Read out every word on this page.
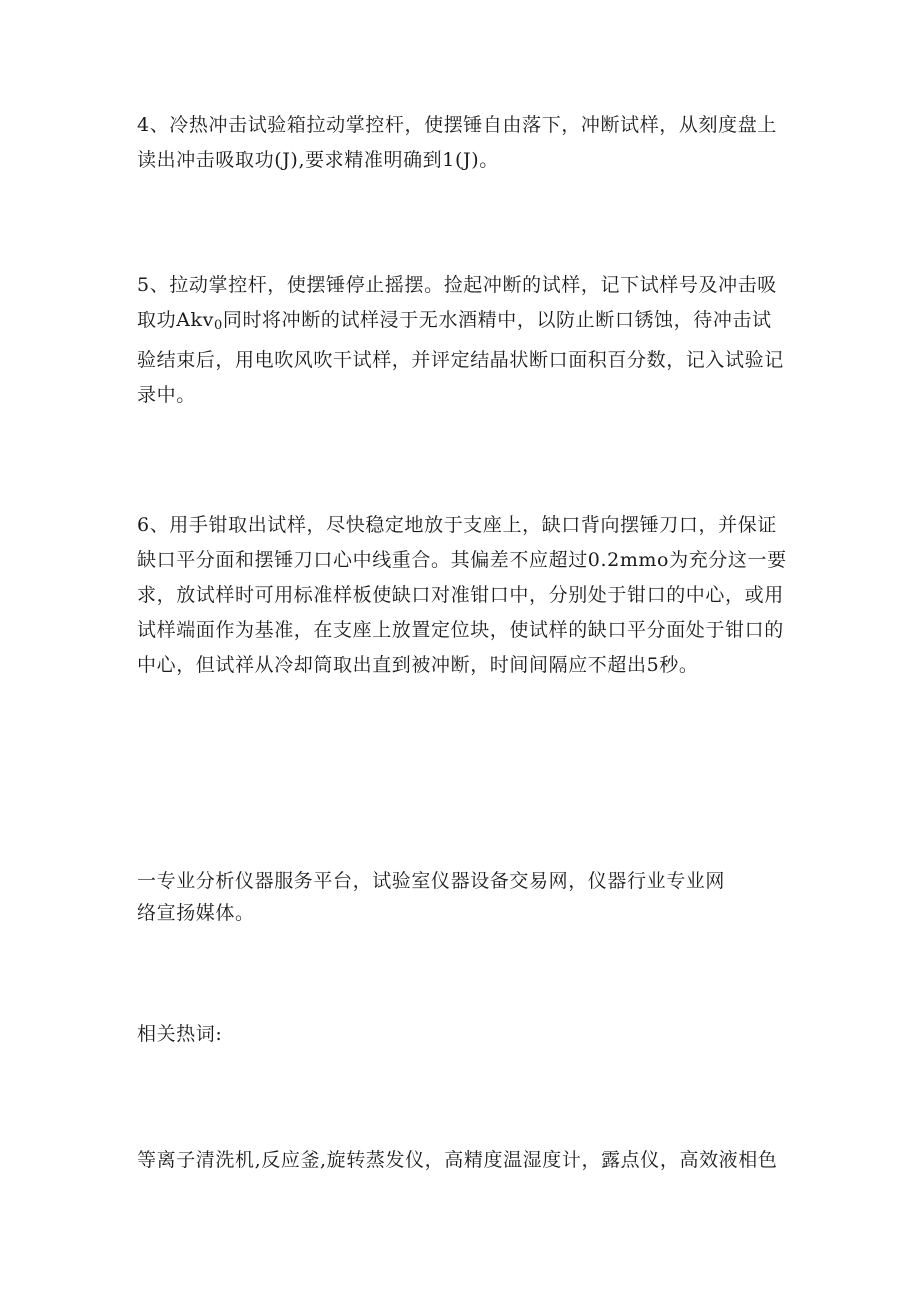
4、冷热冲击试验箱拉动掌控杆，使摆锤自由落下，冲断试样，从刻度盘上
读出冲击吸取功(J),要求精准明确到1(J)。
5、拉动掌控杆，使摆锤停止摇摆。捡起冲断的试样，记下试样号及冲击吸
取功Akv$_0$同时将冲断的试样浸于无水酒精中，以防止断口锈蚀，待冲击试
验结束后，用电吹风吹干试样，并评定结晶状断口面积百分数，记入试验记
录中。
6、用手钳取出试样，尽快稳定地放于支座上，缺口背向摆锤刀口，并保证
缺口平分面和摆锤刀口心中线重合。其偏差不应超过0.2mmo为充分这一要
求，放试样时可用标准样板使缺口对准钳口中，分别处于钳口的中心，或用
试样端面作为基准，在支座上放置定位块，使试样的缺口平分面处于钳口的
中心，但试祥从冷却筒取出直到被冲断，时间间隔应不超出5秒。
一专业分析仪器服务平台，试验室仪器设备交易网，仪器行业专业网
络宣扬媒体。
相关热词:
等离子清洗机,反应釜,旋转蒸发仪，高精度温湿度计，露点仪，高效液相色
